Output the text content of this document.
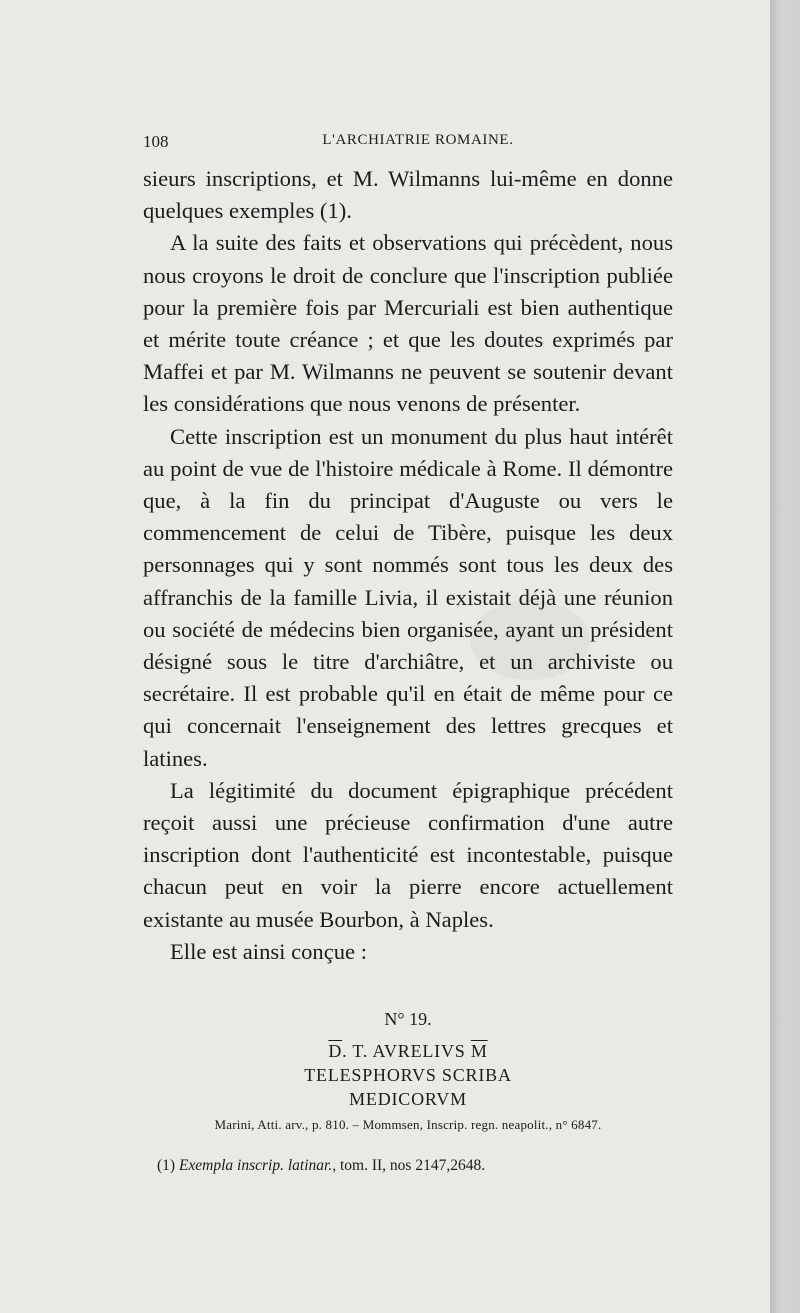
108	L'ARCHIATRIE ROMAINE.

sieurs inscriptions, et M. Wilmanns lui-même en donne quelques exemples (1).

A la suite des faits et observations qui précèdent, nous nous croyons le droit de conclure que l'inscription publiée pour la première fois par Mercuriali est bien authentique et mérite toute créance ; et que les doutes exprimés par Maffei et par M. Wilmanns ne peuvent se soutenir devant les considérations que nous venons de présenter.

Cette inscription est un monument du plus haut intérêt au point de vue de l'histoire médicale à Rome. Il démontre que, à la fin du principat d'Auguste ou vers le commencement de celui de Tibère, puisque les deux personnages qui y sont nommés sont tous les deux des affranchis de la famille Livia, il existait déjà une réunion ou société de médecins bien organisée, ayant un président désigné sous le titre d'archiâtre, et un archiviste ou secrétaire. Il est probable qu'il en était de même pour ce qui concernait l'enseignement des lettres grecques et latines.

La légitimité du document épigraphique précédent reçoit aussi une précieuse confirmation d'une autre inscription dont l'authenticité est incontestable, puisque chacun peut en voir la pierre encore actuellement existante au musée Bourbon, à Naples.

Elle est ainsi conçue :

N° 19.
$\overline{D}$. T. AVRELIVS $\overline{M}$
TELESPHORVS SCRIBA
MEDICORVM
Marini, Atti. arv., p. 810. – Mommsen, Inscrip. regn. neapolit., n° 6847.
(1) Exempla inscrip. latinar., tom. II, nos 2147,2648.
